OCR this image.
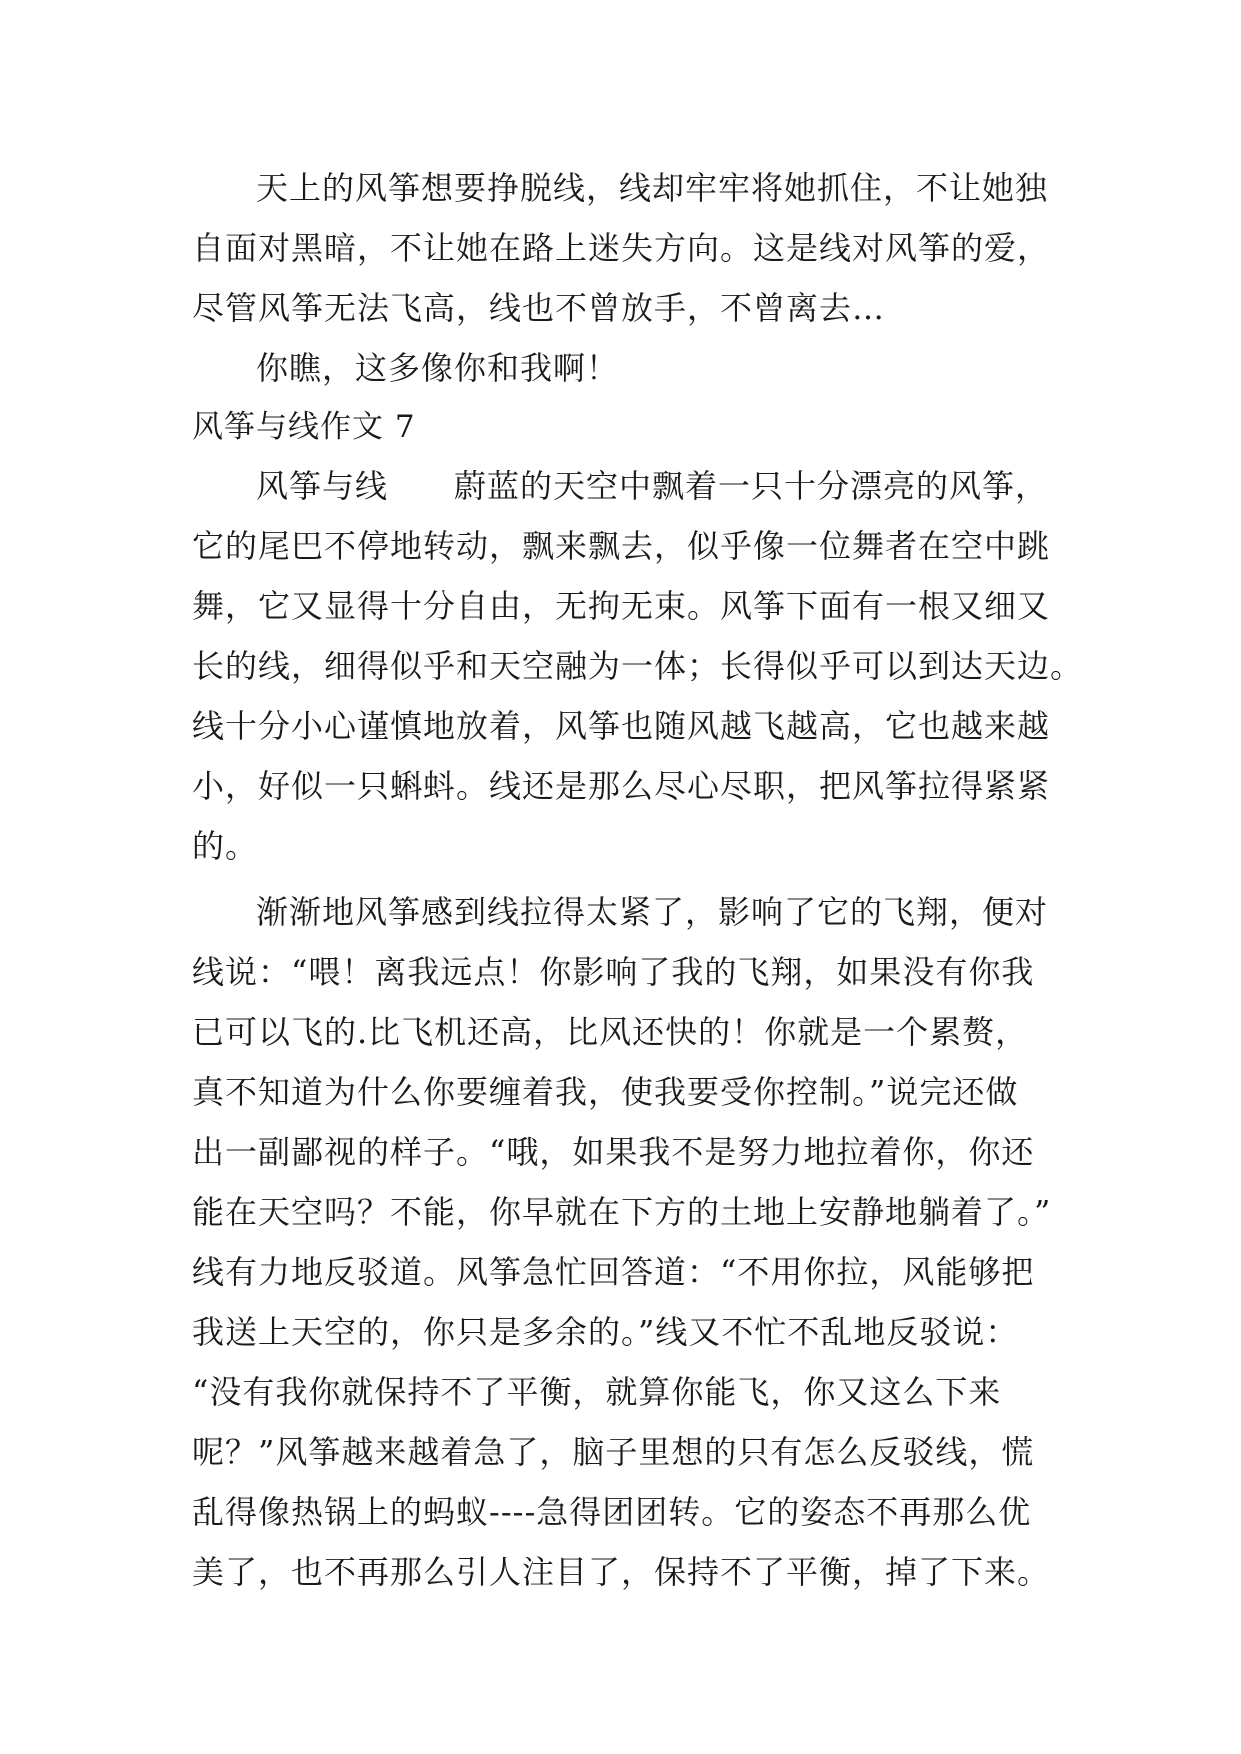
天上的风筝想要挣脱线，线却牢牢将她抓住，不让她独
自面对黑暗，不让她在路上迷失方向。这是线对风筝的爱，
尽管风筝无法飞高，线也不曾放手，不曾离去…

你瞧，这多像你和我啊！

风筝与线作文 7

风筝与线　　蔚蓝的天空中飘着一只十分漂亮的风筝，
它的尾巴不停地转动，飘来飘去，似乎像一位舞者在空中跳
舞，它又显得十分自由，无拘无束。风筝下面有一根又细又
长的线，细得似乎和天空融为一体；长得似乎可以到达天边。
线十分小心谨慎地放着，风筝也随风越飞越高，它也越来越
小，好似一只蝌蚪。线还是那么尽心尽职，把风筝拉得紧紧
的。

渐渐地风筝感到线拉得太紧了，影响了它的飞翔，便对
线说：“喂！离我远点！你影响了我的飞翔，如果没有你我
已可以飞的.比飞机还高，比风还快的！你就是一个累赘，
真不知道为什么你要缠着我，使我要受你控制。”说完还做
出一副鄙视的样子。“哦，如果我不是努力地拉着你，你还
能在天空吗？不能，你早就在下方的土地上安静地躺着了。”
线有力地反驳道。风筝急忙回答道：“不用你拉，风能够把
我送上天空的，你只是多余的。”线又不忙不乱地反驳说：
“没有我你就保持不了平衡，就算你能飞，你又这么下来
呢？”风筝越来越着急了，脑子里想的只有怎么反驳线，慌
乱得像热锅上的蚂蚁----急得团团转。它的姿态不再那么优
美了，也不再那么引人注目了，保持不了平衡，掉了下来。
